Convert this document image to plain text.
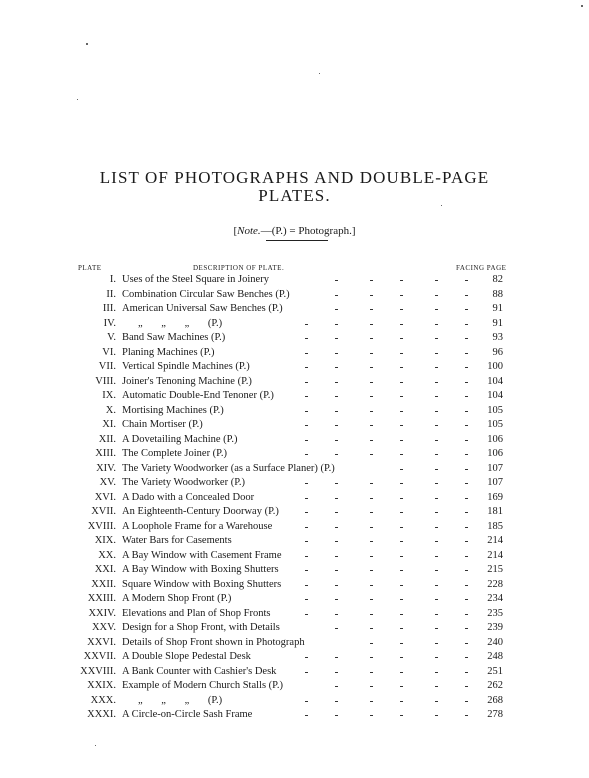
LIST OF PHOTOGRAPHS AND DOUBLE-PAGE
PLATES.
[Note.—(P.) = Photograph.]
PLATE	DESCRIPTION OF PLATE.	FACING PAGE
I. Uses of the Steel Square in Joinery	82
II. Combination Circular Saw Benches (P.)	88
III. American Universal Saw Benches (P.)	91
IV. „ „ „ (P.)	91
V. Band Saw Machines (P.)	93
VI. Planing Machines (P.)	96
VII. Vertical Spindle Machines (P.)	100
VIII. Joiner's Tenoning Machine (P.)	104
IX. Automatic Double-End Tenoner (P.)	104
X. Mortising Machines (P.)	105
XI. Chain Mortiser (P.)	105
XII. A Dovetailing Machine (P.)	106
XIII. The Complete Joiner (P.)	106
XIV. The Variety Woodworker (as a Surface Planer) (P.)	107
XV. The Variety Woodworker (P.)	107
XVI. A Dado with a Concealed Door	169
XVII. An Eighteenth-Century Doorway (P.)	181
XVIII. A Loophole Frame for a Warehouse	185
XIX. Water Bars for Casements	214
XX. A Bay Window with Casement Frame	214
XXI. A Bay Window with Boxing Shutters	215
XXII. Square Window with Boxing Shutters	228
XXIII. A Modern Shop Front (P.)	234
XXIV. Elevations and Plan of Shop Fronts	235
XXV. Design for a Shop Front, with Details	239
XXVI. Details of Shop Front shown in Photograph	240
XXVII. A Double Slope Pedestal Desk	248
XXVIII. A Bank Counter with Cashier's Desk	251
XXIX. Example of Modern Church Stalls (P.)	262
XXX. „ „ „ (P.)	268
XXXI. A Circle-on-Circle Sash Frame	278
